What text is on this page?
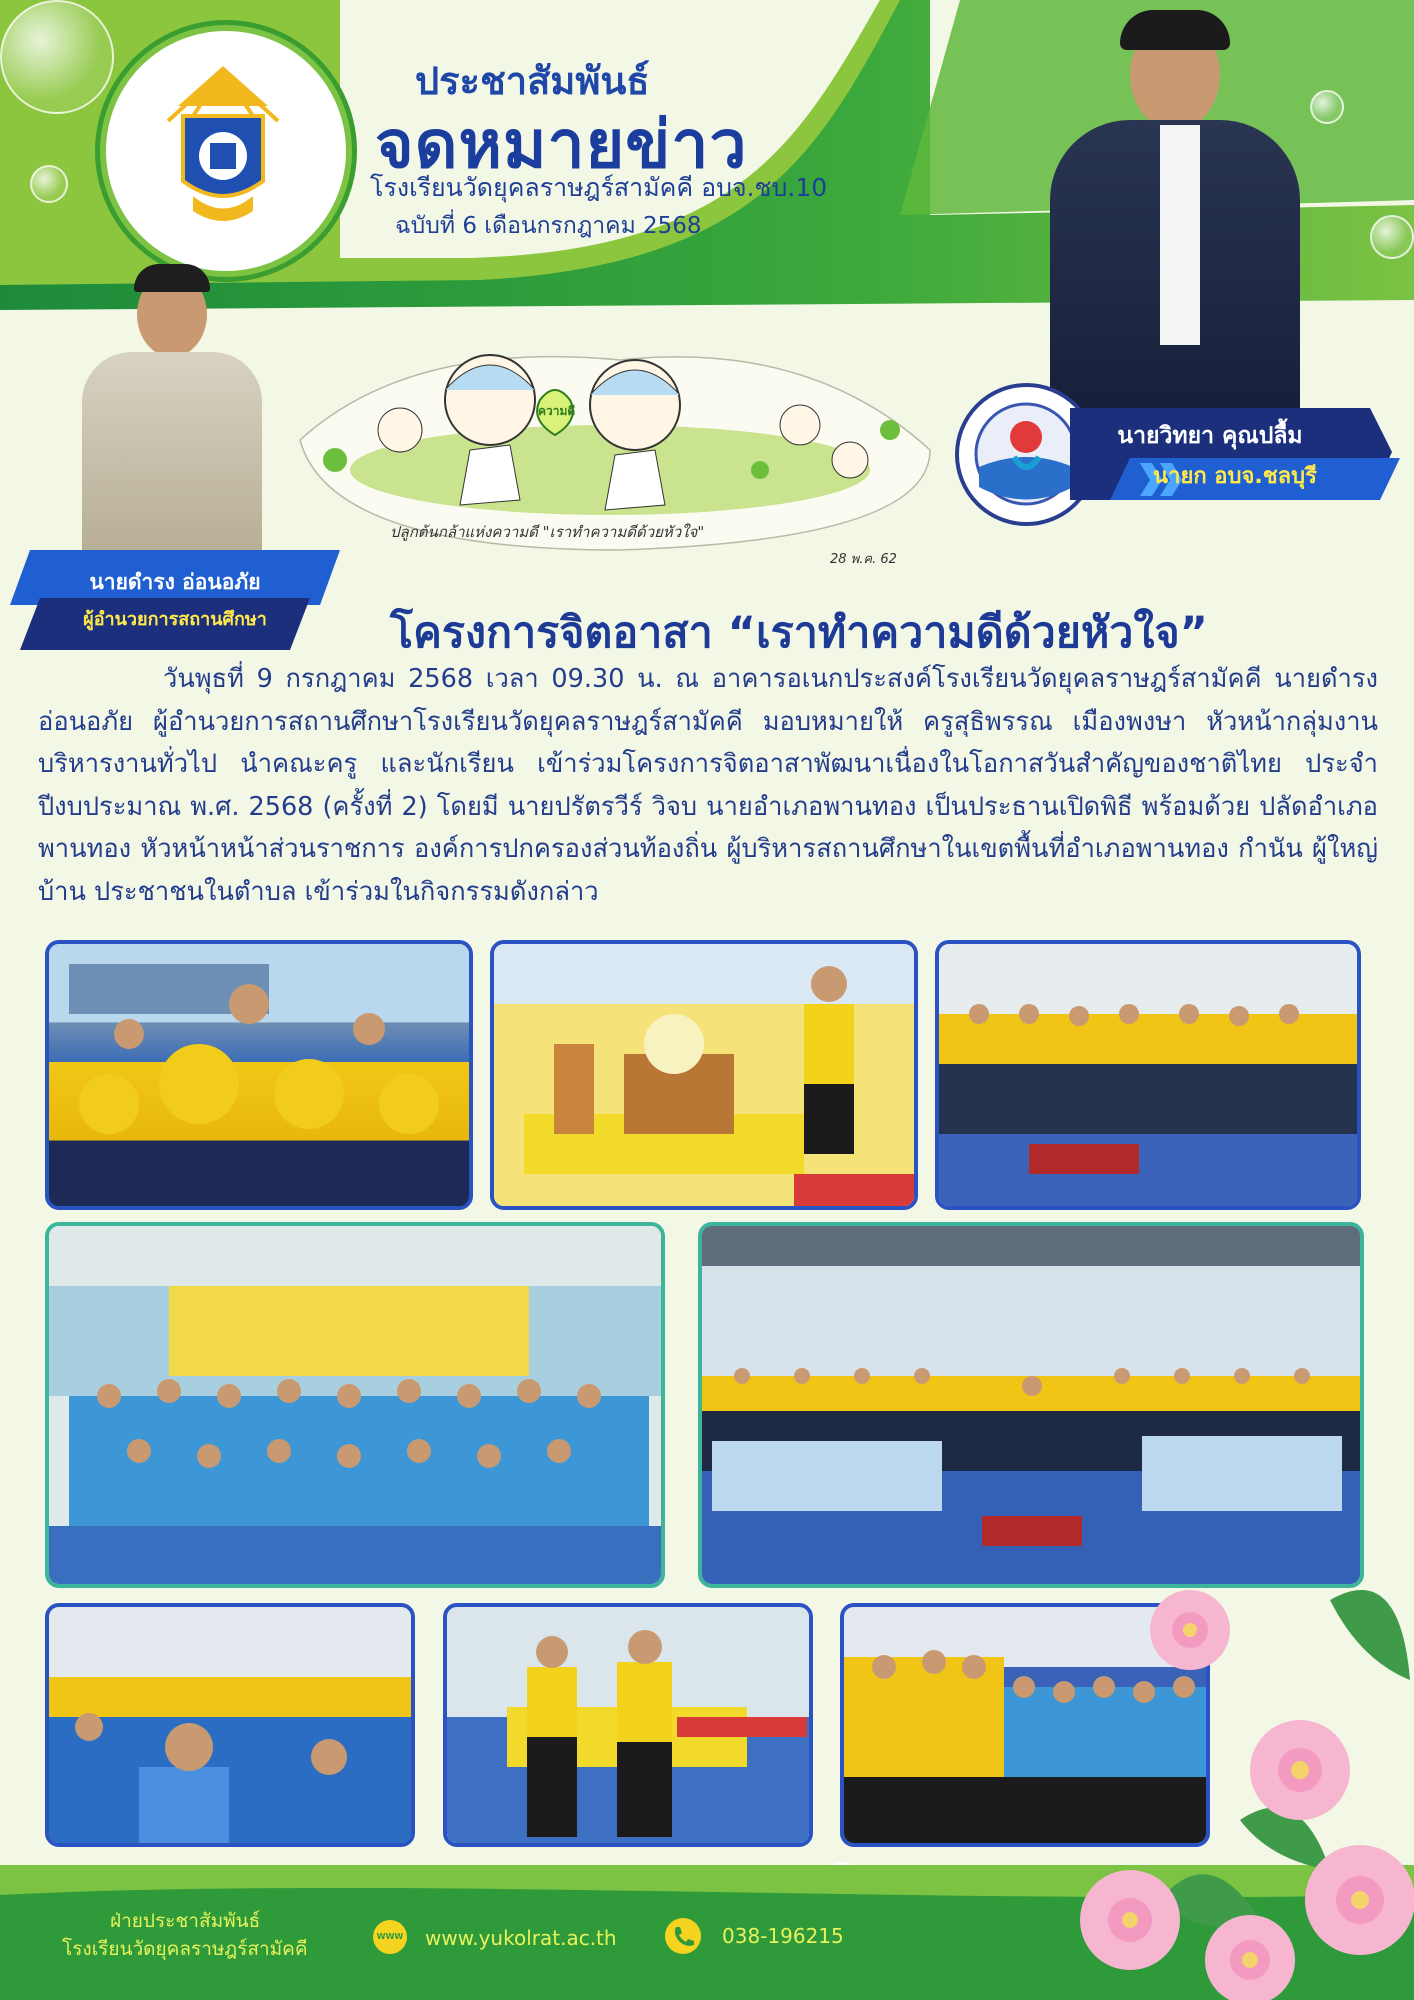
ประชาสัมพันธ์
จดหมายข่าว
โรงเรียนวัดยุคลราษฎร์สามัคคี อบจ.ชบ.10
ฉบับที่ 6 เดือนกรกฎาคม 2568
นายวิทยา คุณปลื้ม
นายก อบจ.ชลบุรี
นายดำรง อ่อนอภัย
ผู้อำนวยการสถานศึกษา
ความดี
ปลูกต้นกล้าแห่งความดี "เราทำความดีด้วยหัวใจ"
28 พ.ค. 62
โครงการจิตอาสา “เราทำความดีด้วยหัวใจ”
วันพุธที่ 9 กรกฎาคม 2568 เวลา 09.30 น. ณ อาคารอเนกประสงค์โรงเรียนวัดยุคลราษฎร์สามัคคี นายดำรง อ่อนอภัย ผู้อำนวยการสถานศึกษาโรงเรียนวัดยุคลราษฎร์สามัคคี มอบหมายให้ ครูสุธิพรรณ เมืองพงษา หัวหน้ากลุ่มงานบริหารงานทั่วไป นำคณะครู และนักเรียน เข้าร่วมโครงการจิตอาสาพัฒนาเนื่องในโอกาสวันสำคัญของชาติไทย ประจำปีงบประมาณ พ.ศ. 2568 (ครั้งที่ 2) โดยมี นายปรัตรวีร์ วิจบ นายอำเภอพานทอง เป็นประธานเปิดพิธี พร้อมด้วย ปลัดอำเภอพานทอง หัวหน้าหน้าส่วนราชการ องค์การปกครองส่วนท้องถิ่น ผู้บริหารสถานศึกษาในเขตพื้นที่อำเภอพานทอง กำนัน ผู้ใหญ่บ้าน ประชาชนในตำบล เข้าร่วมในกิจกรรมดังกล่าว
ฝ่ายประชาสัมพันธ์
โรงเรียนวัดยุคลราษฎร์สามัคคี
WWW www.yukolrat.ac.th	038-196215
